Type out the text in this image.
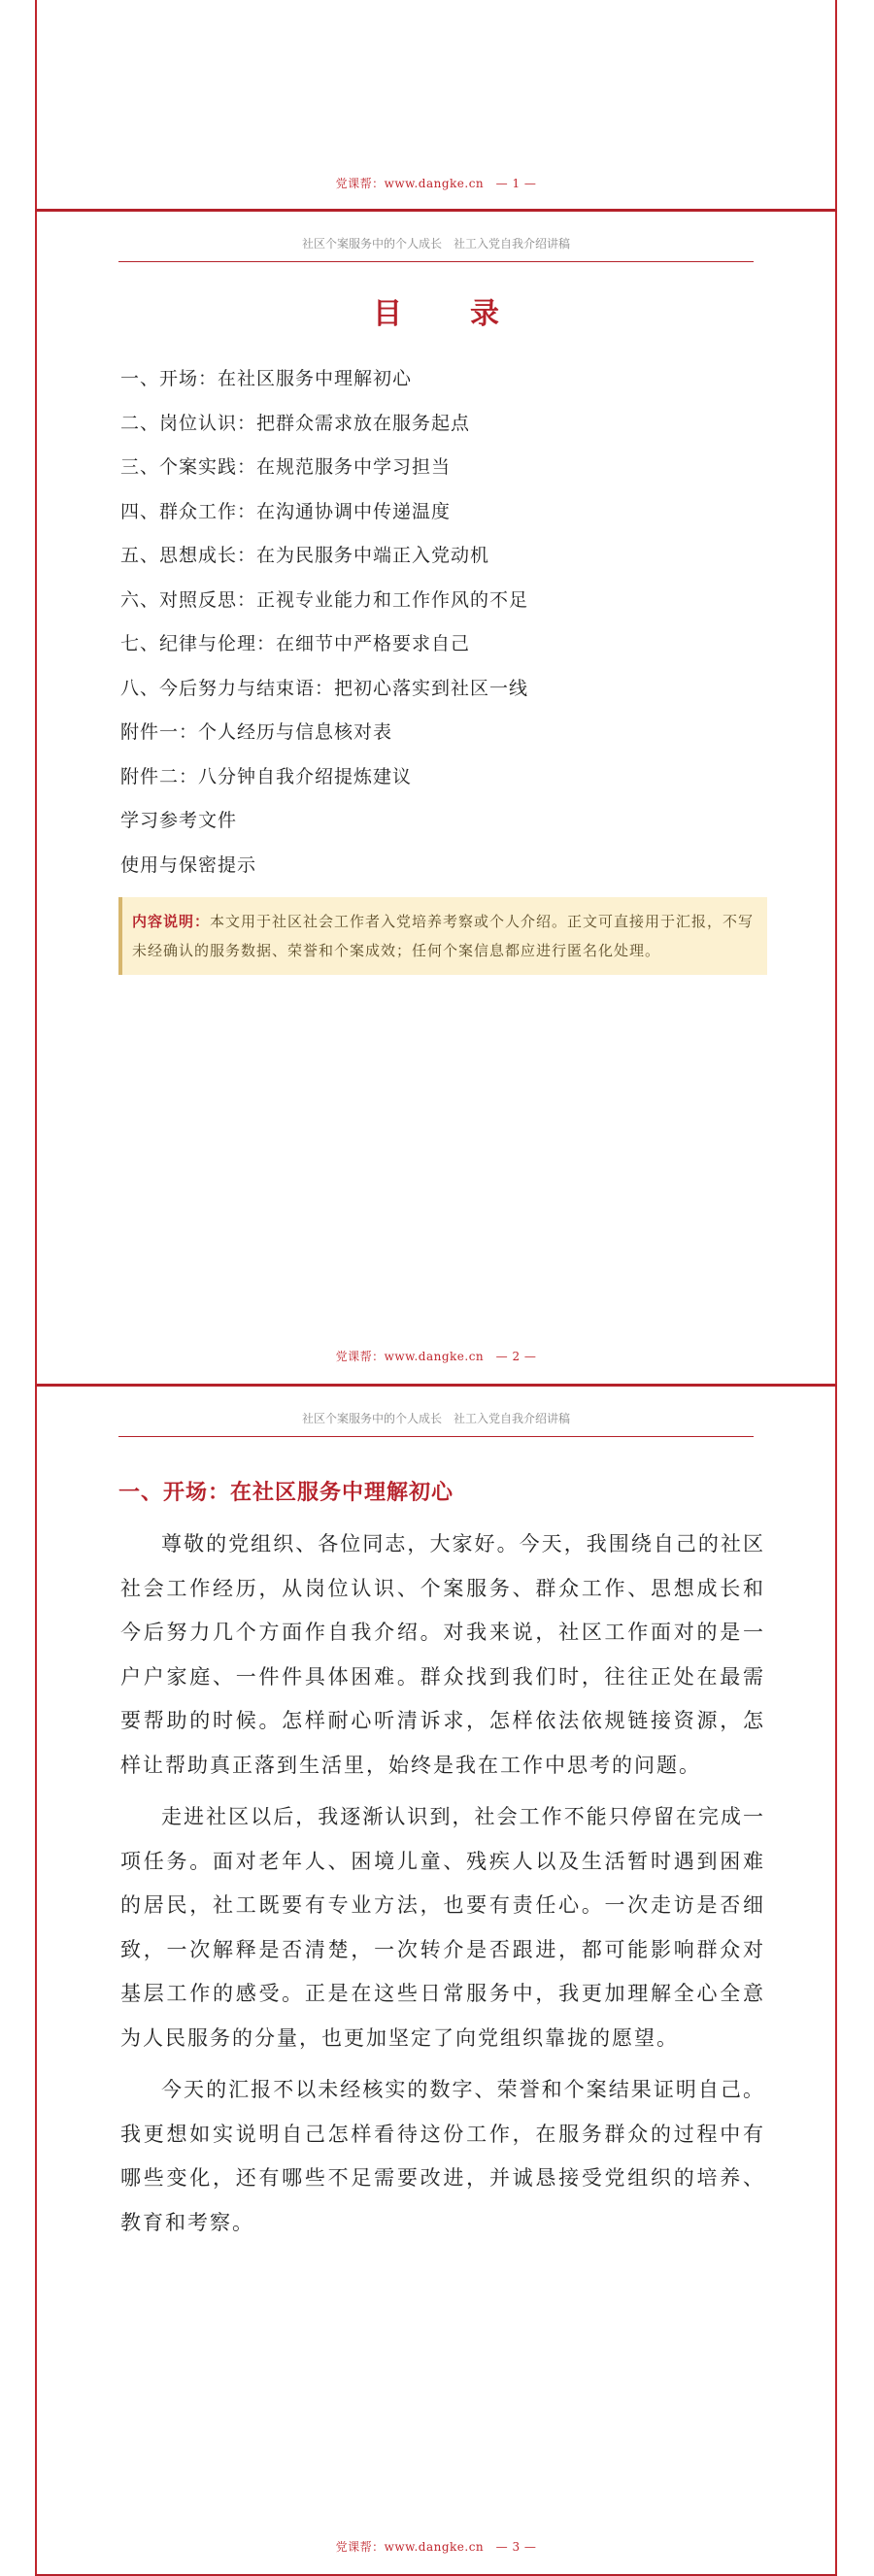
党课帮：www.dangke.cn　— 1 —
社区个案服务中的个人成长　社工入党自我介绍讲稿
目　录
一、开场：在社区服务中理解初心
二、岗位认识：把群众需求放在服务起点
三、个案实践：在规范服务中学习担当
四、群众工作：在沟通协调中传递温度
五、思想成长：在为民服务中端正入党动机
六、对照反思：正视专业能力和工作作风的不足
七、纪律与伦理：在细节中严格要求自己
八、今后努力与结束语：把初心落实到社区一线
附件一：个人经历与信息核对表
附件二：八分钟自我介绍提炼建议
学习参考文件
使用与保密提示
内容说明：本文用于社区社会工作者入党培养考察或个人介绍。正文可直接用于汇报，不写未经确认的服务数据、荣誉和个案成效；任何个案信息都应进行匿名化处理。
党课帮：www.dangke.cn　— 2 —
社区个案服务中的个人成长　社工入党自我介绍讲稿
一、开场：在社区服务中理解初心

尊敬的党组织、各位同志，大家好。今天，我围绕自己的社区社会工作经历，从岗位认识、个案服务、群众工作、思想成长和今后努力几个方面作自我介绍。对我来说，社区工作面对的是一户户家庭、一件件具体困难。群众找到我们时，往往正处在最需要帮助的时候。怎样耐心听清诉求，怎样依法依规链接资源，怎样让帮助真正落到生活里，始终是我在工作中思考的问题。

走进社区以后，我逐渐认识到，社会工作不能只停留在完成一项任务。面对老年人、困境儿童、残疾人以及生活暂时遇到困难的居民，社工既要有专业方法，也要有责任心。一次走访是否细致，一次解释是否清楚，一次转介是否跟进，都可能影响群众对基层工作的感受。正是在这些日常服务中，我更加理解全心全意为人民服务的分量，也更加坚定了向党组织靠拢的愿望。

今天的汇报不以未经核实的数字、荣誉和个案结果证明自己。我更想如实说明自己怎样看待这份工作，在服务群众的过程中有哪些变化，还有哪些不足需要改进，并诚恳接受党组织的培养、教育和考察。

党课帮：www.dangke.cn　— 3 —
